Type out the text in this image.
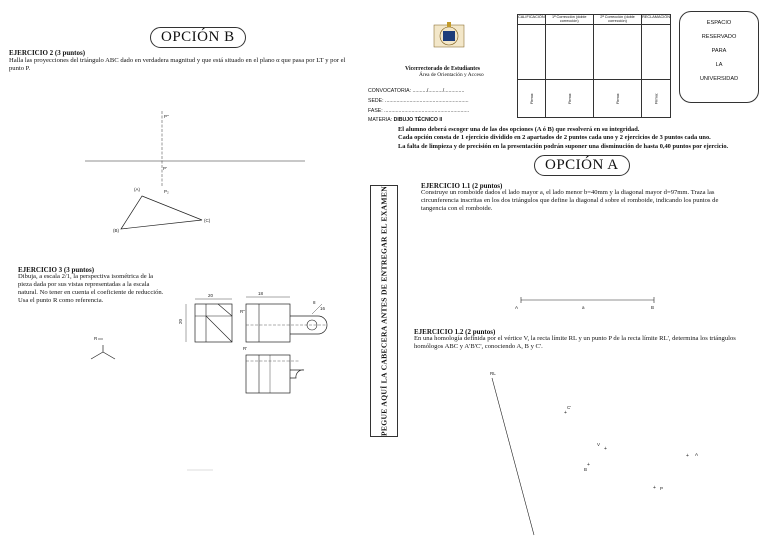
OPCIÓN B
EJERCICIO 2 (3 puntos)
Halla las proyecciones del triángulo ABC dado en verdadera magnitud y que está situado en el plano α que pasa por LT y por el punto P.
EJERCICIO 3 (3 puntos)
Dibuja, a escala 2/1, la perspectiva isométrica de la pieza dada por sus vistas representadas a la escala natural. No tener en cuenta el coeficiente de reducción. Usa el punto R como referencia.
P''
P'
P₂
(A)
(B)
(C)
R
20	18
20
R''
8
16
R'
Vicerrectorado de Estudiantes
Área de Orientación y Acceso
CONVOCATORIA: ........../........../..............
SEDE: ..........................................................
FASE: ...........................................................
MATERIA: DIBUJO TÉCNICO II
CALIFICACIÓN	1ª Corrección (doble corrección)	2ª Corrección (doble corrección)	RECLAMACIÓN

Firma:	Firma:	Firma:	Firma:
ESPACIO
RESERVADO
PARA
LA
UNIVERSIDAD
El alumno deberá escoger una de las dos opciones (A ó B) que resolverá en su integridad.
Cada opción consta de 1 ejercicio dividido en 2 apartados de 2 puntos cada uno y 2 ejercicios de 3 puntos cada uno.
La falta de limpieza y de precisión en la presentación podrán suponer una disminución de hasta 0,40 puntos por ejercicio.
PEGUE AQUÍ LA CABECERA ANTES DE ENTREGAR EL EXAMEN
OPCIÓN A
EJERCICIO 1.1 (2 puntos)
Construye un romboide dados el lado mayor a, el lado menor b=40mm y la diagonal mayor d=97mm. Traza las circunferencia inscritas en los dos triángulos que define la diagonal d sobre el romboide, indicando los puntos de tangencia con el romboide.
EJERCICIO 1.2 (2 puntos)
En una homología definida por el vértice V, la recta límite RL y un punto P de la recta límite RL', determina los triángulos homólogos ABC y A'B'C', conociendo A, B y C'.
A	a	B
RL
C'
+
V
+
+ A
+
B
+ P
